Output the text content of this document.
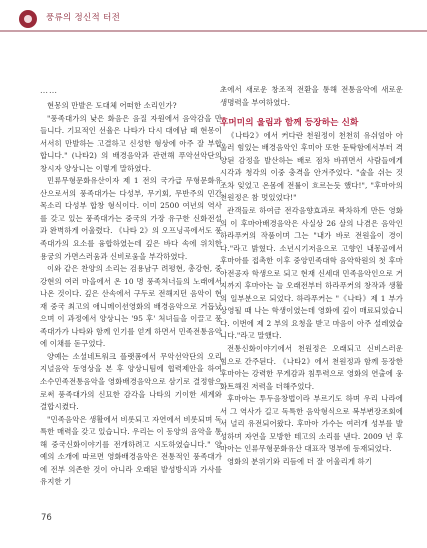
풍류의 정신적 터전
……
현몽의 만발은 도대체 어떠한 소리인가?
"풍족대가의 낮은 화음은 음질 자원에서 음악감을 만들니다. 기묘적인 선율은 나타가 다시 대에남 때 현몽이 서서히 만발하는 고결하고 신성한 형상에 아주 잘 부합합니다." (나타2) 의 배경음악과 관련해 푸악선악단의 창시자 양상니는 이렇게 말하였다.
민류무형문화유산이자 제 1 전의 국가급 무형문화유산으로서의 풍족대가는 다성부, 무기회, 무반주의 민간 목소리 다성부 합창 형식이다. 이미 2500 여년의 역사를 갖고 있는 풍족대가는 중국의 가장 유구한 신화전설과 완벽하게 어울렸다. 《나타 2》의 오프닝곡에서도 풍족대가의 요소를 융합하였는데 깊은 바다 속에 위치한 용궁의 가면스러움과 신비로움을 부각하였다.
이와 같은 찬양의 소리는 검용남구 려평현, 총강현, 중강현의 여러 마을에서 온 10 명 풍족처너들의 노래에서 나온 것이다. 깊은 산속에서 구두로 전해지던 음악이 현재 중국 최고의 애니메이션영화의 배경음악으로 거듭났으며 이 과정에서 양상니는 '95 후' 처녀들을 이끌고 풍족대가가 나타와 함께 인기를 얻게 하면서 민족전통음악에 이채를 돋구었다.
양예는 소셜네트워크 플랫폼에서 무악선악단의 오리지널음악 동영상을 본 후 양상니팀에 협력제안을 하여 소수민족전통음악을 영화배경음악으로 삼기로 결정함으로써 풍족대가의 신묘한 감각을 나타의 기이한 세계와 결합시켰다.
"민족음악은 생활에서 비롯되고 자연에서 비롯되며 독특한 매력을 갖고 있습니다. 우리는 이 동양의 음악을 통해 중국신화이야기를 전개하려고 시도하였습니다." 양예의 소개에 따르면 영화배경음악은 전통적인 풍족대가에 전부 의존한 것이 아니라 오래된 발성방식과 가사를 유지한 기
초에서 새로운 창조적 전환을 통해 전통음악에 새로운 생명력을 부여하였다.
후머미의 울림과 함께 등장하는 신화
《나타2》에서 커다란 천원정이 천천히 유쉬엄아 아울러 힘있는 배경음악인 후미아 또한 둔탁함에서부터 격양된 감정을 발산하는 배로 점차 바뀌면서 사람들에게 시각과 청각의 이중 충격을 안겨주었다. "술을 쉬는 것 조차 잊었고 온몸에 전률이 흐르는듯 했다!", "후마아의 천원정은 참 멋있었다!"
관객들로 하여금 전각음향효과로 꽉차하게 만든 영화의 이 후마아배경음악은 사실상 26 살의 나겸은 음악인 하라푸커의 작품이며 그는 "내가 바로 전원을이 경이다."라고 밝혔다. 소년시기저음으로 고향인 내몽골에서 후마아를 접촉한 이후 중앙민족대학 음악학원의 첫 후마아전공자 학생으로 되고 현재 신세대 민족음악인으로 거지까지 후마아는 늘 오래전부터 하라푸커의 창작과 생활의 일부분으로 되었다. 하라푸커는 "《나타》제 1 부가 상영될 때 나는 학생이였는데 영화에 깊이 매료되었습니다. 이번에 제 2 부의 요청을 받고 마음이 아주 설레였습니다."라고 말했다.
전통신화이야기에서 천원정은 오래되고 신비스러운 힘으로 간주된다. 《나타2》에서 천원정과 함께 등장한 후마아는 강력한 무게감과 침투력으로 영화의 연출에 웅화트해진 저력을 더해주었다.
후마아는 투두음창법이라 부르기도 하며 우리 나라에서 그 역사가 길고 독특한 음악형식으로 복부변장조회에서 널리 유전되어왔다. 후마아 가수는 여러개 성부를 발성하며 자연을 모방한 테고의 소리를 낸다. 2009 년 후마아는 인류무형문화유산 대표작 명부에 등재되었다.
영화의 분위기와 리듬에 더 잘 어울리게 하기
76
